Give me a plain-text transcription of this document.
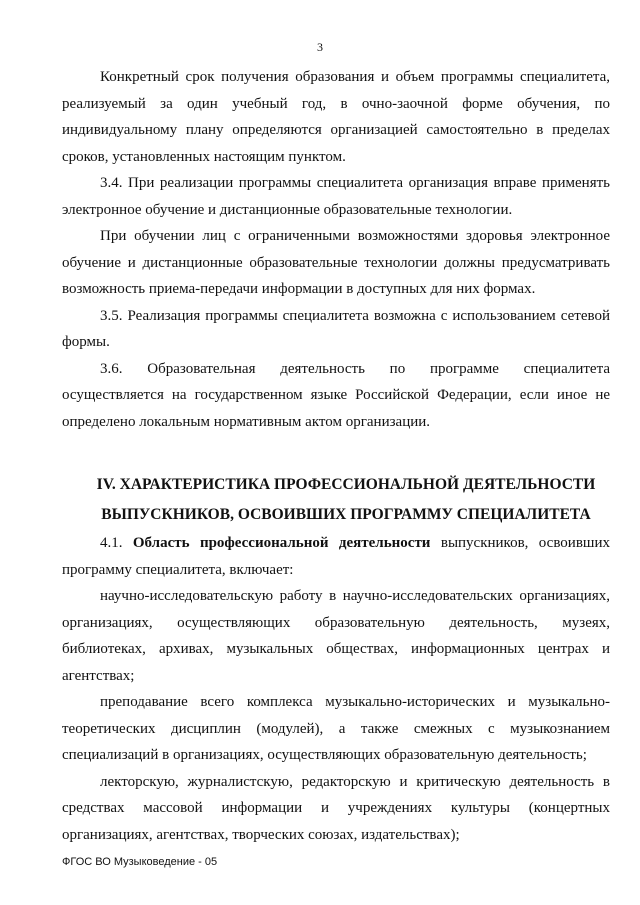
3

Конкретный срок получения образования и объем программы специалитета, реализуемый за один учебный год, в очно-заочной форме обучения, по индивидуальному плану определяются организацией самостоятельно в пределах сроков, установленных настоящим пунктом.

3.4. При реализации программы специалитета организация вправе применять электронное обучение и дистанционные образовательные технологии.

При обучении лиц с ограниченными возможностями здоровья электронное обучение и дистанционные образовательные технологии должны предусматривать возможность приема-передачи информации в доступных для них формах.

3.5. Реализация программы специалитета возможна с использованием сетевой формы.

3.6. Образовательная деятельность по программе специалитета осуществляется на государственном языке Российской Федерации, если иное не определено локальным нормативным актом организации.

IV. ХАРАКТЕРИСТИКА ПРОФЕССИОНАЛЬНОЙ ДЕЯТЕЛЬНОСТИ
ВЫПУСКНИКОВ, ОСВОИВШИХ ПРОГРАММУ СПЕЦИАЛИТЕТА

4.1. Область профессиональной деятельности выпускников, освоивших программу специалитета, включает:

научно-исследовательскую работу в научно-исследовательских организациях, организациях, осуществляющих образовательную деятельность, музеях, библиотеках, архивах, музыкальных обществах, информационных центрах и агентствах;

преподавание всего комплекса музыкально-исторических и музыкально-теоретических дисциплин (модулей), а также смежных с музыкознанием специализаций в организациях, осуществляющих образовательную деятельность;

лекторскую, журналистскую, редакторскую и критическую деятельность в средствах массовой информации и учреждениях культуры (концертных организациях, агентствах, творческих союзах, издательствах);

ФГОС ВО Музыковедение - 05
